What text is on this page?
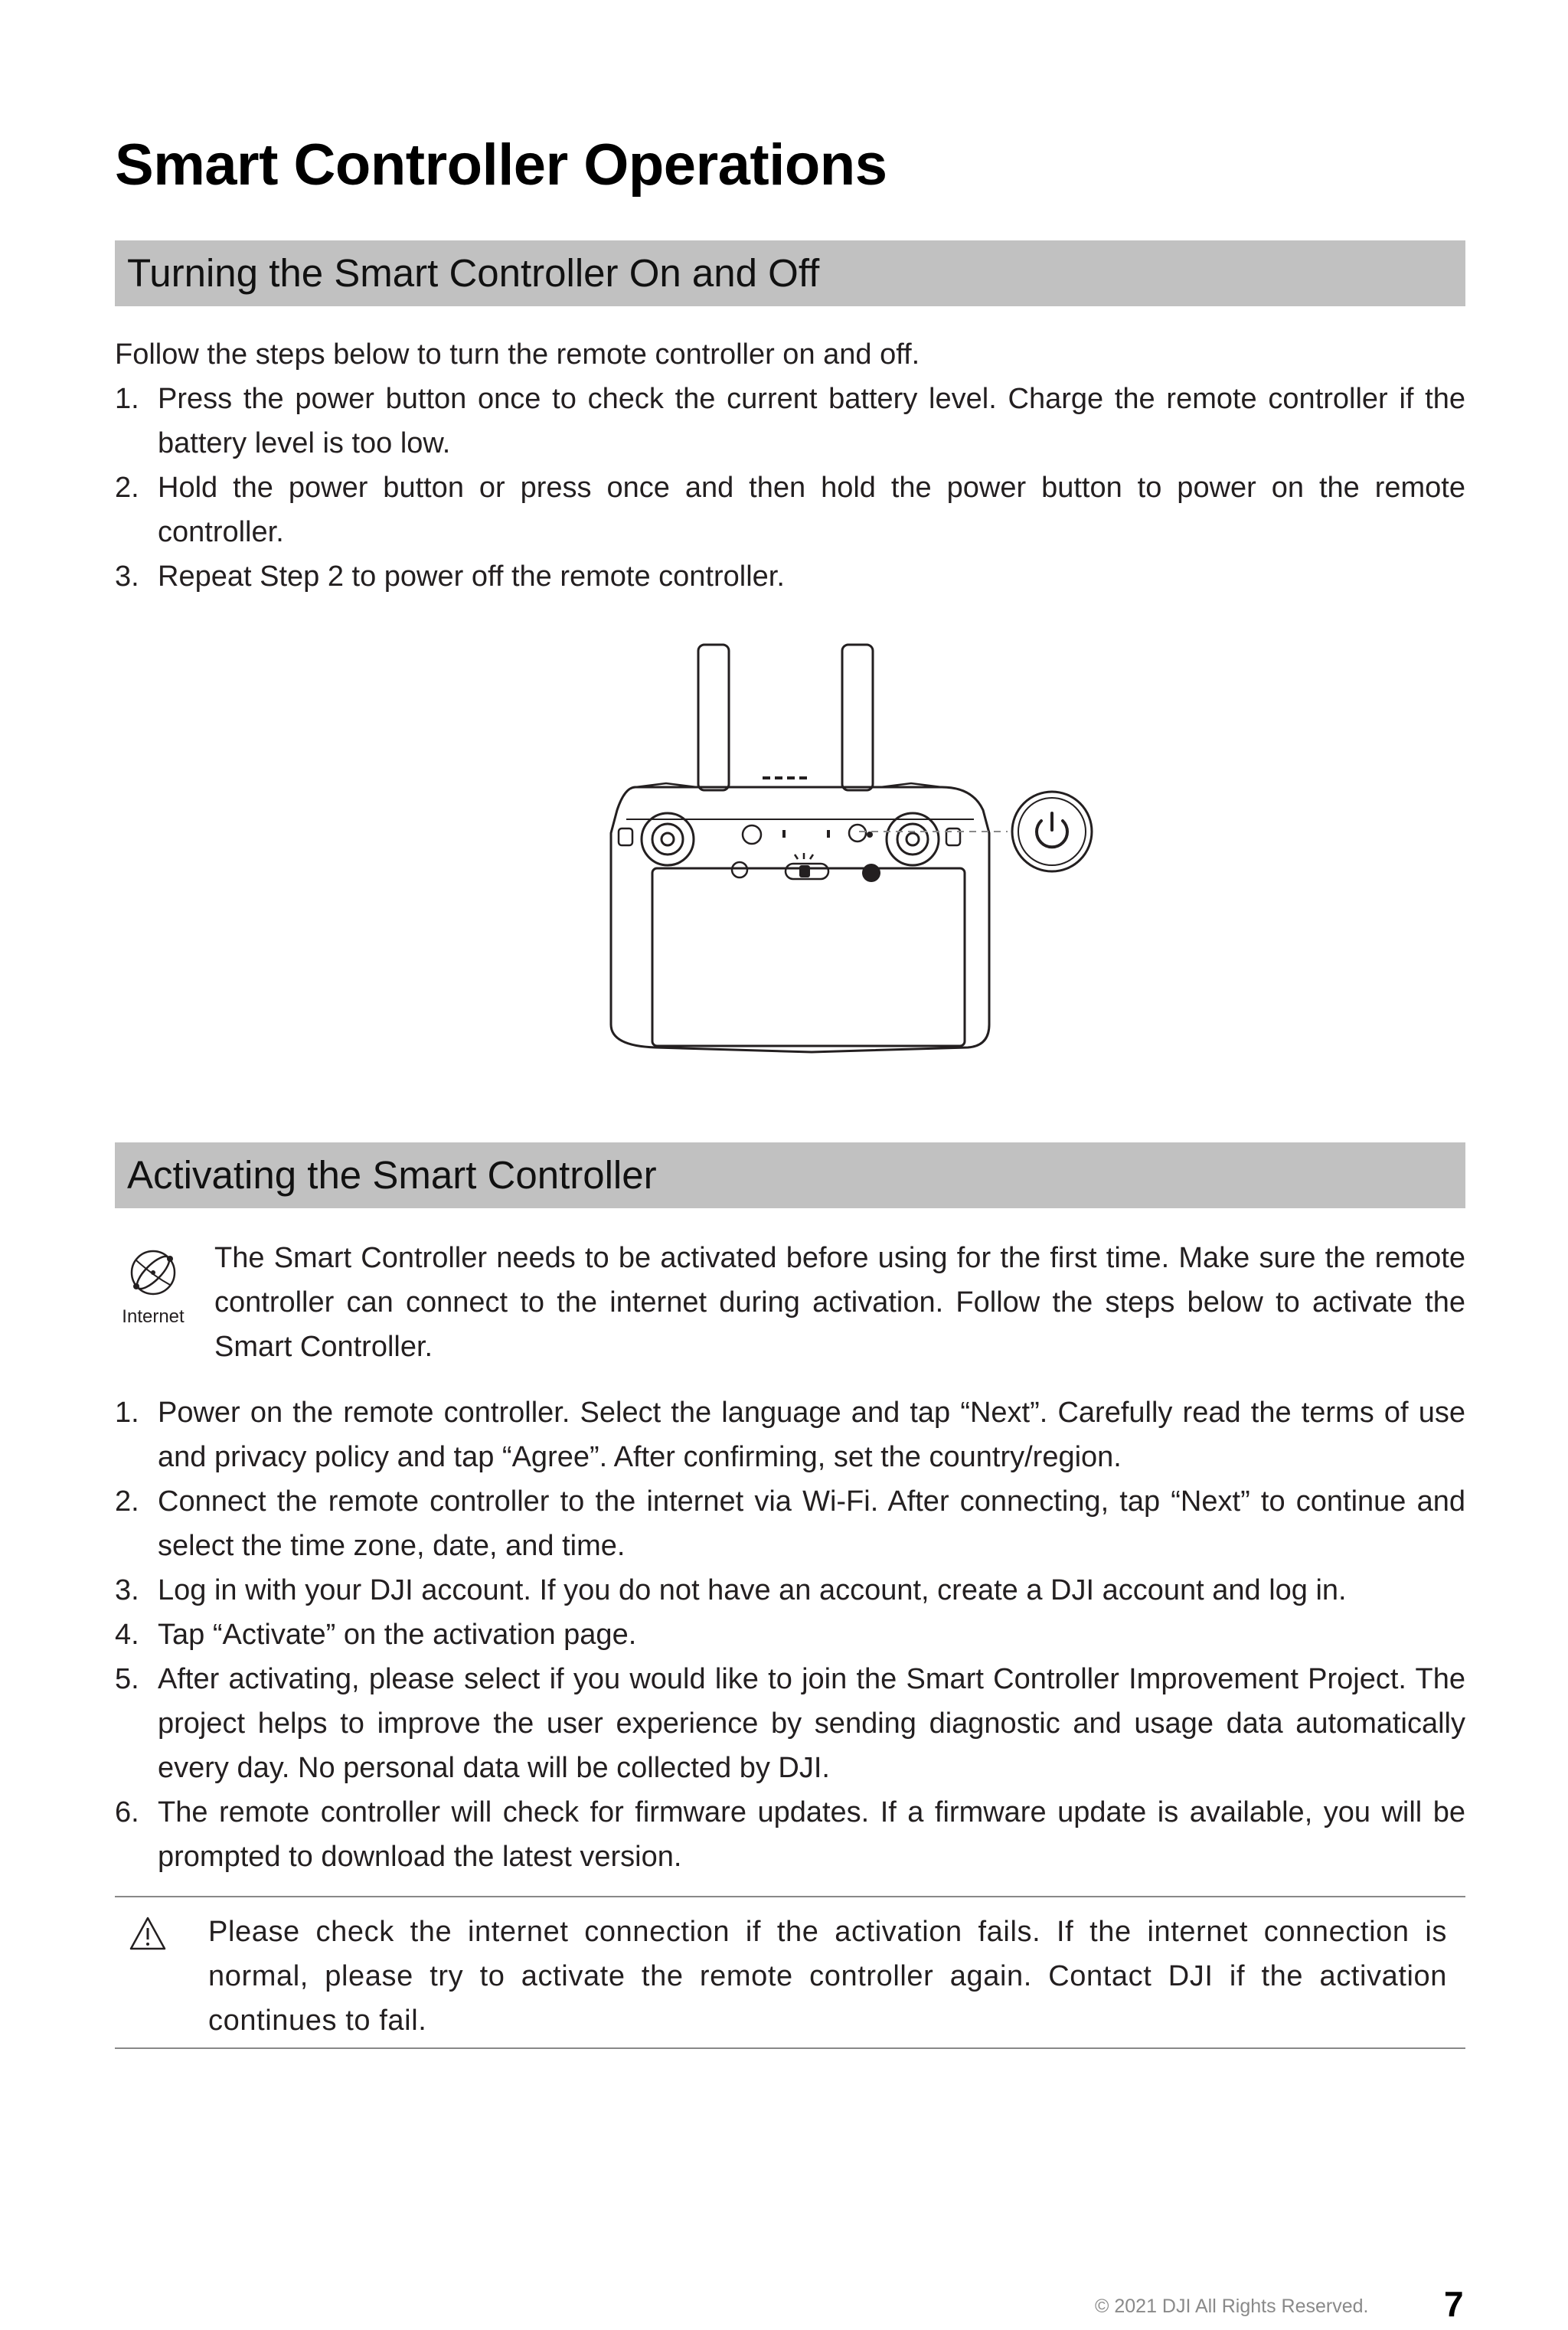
Smart Controller Operations
Turning the Smart Controller On and Off

Follow the steps below to turn the remote controller on and off.

1. Press the power button once to check the current battery level. Charge the remote controller if the battery level is too low.
2. Hold the power button or press once and then hold the power button to power on the remote controller.
3. Repeat Step 2 to power off the remote controller.
Activating the Smart Controller
Internet

The Smart Controller needs to be activated before using for the first time. Make sure the remote controller can connect to the internet during activation. Follow the steps below to activate the Smart Controller.

1. Power on the remote controller. Select the language and tap “Next”. Carefully read the terms of use and privacy policy and tap “Agree”. After confirming, set the country/region.
2. Connect the remote controller to the internet via Wi-Fi. After connecting, tap “Next” to continue and select the time zone, date, and time.
3. Log in with your DJI account. If you do not have an account, create a DJI account and log in.
4. Tap “Activate” on the activation page.
5. After activating, please select if you would like to join the Smart Controller Improvement Project. The project helps to improve the user experience by sending diagnostic and usage data automatically every day. No personal data will be collected by DJI.
6. The remote controller will check for firmware updates. If a firmware update is available, you will be prompted to download the latest version.

Please check the internet connection if the activation fails. If the internet connection is normal, please try to activate the remote controller again. Contact DJI if the activation continues to fail.

© 2021 DJI All Rights Reserved. 7
